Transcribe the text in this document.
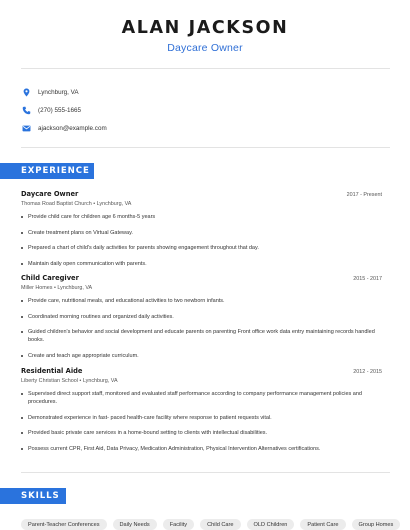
ALAN JACKSON
Daycare Owner
Lynchburg, VA
(270) 555-1665
ajackson@example.com
EXPERIENCE
Daycare Owner	2017 - Present
Thomas Road Baptist Church • Lynchburg, VA
Provide child care for children age 6 months-5 years
Create treatment plans on Virtual Gateway.
Prepared a chart of child's daily activities for parents showing engagement throughout that day.
Maintain daily open communication with parents.
Child Caregiver	2015 - 2017
Miller Homes • Lynchburg, VA
Provide care, nutritional meals, and educational activities to two newborn infants.
Coordinated morning routines and organized daily activities.
Guided children's behavior and social development and educate parents on parenting Front office work data entry maintaining records handled books.
Create and teach age appropriate curriculum.
Residential Aide	2012 - 2015
Liberty Christian School • Lynchburg, VA
Supervised direct support staff, monitored and evaluated staff performance according to company performance management policies and procedures.
Demonstrated experience in fast- paced health-care facility where response to patient requests vital.
Provided basic private care services in a home-bound setting to clients with intellectual disabilities.
Possess current CPR, First Aid, Data Privacy, Medication Administration, Physical Intervention Alternatives certifications.
SKILLS
Parent-Teacher Conferences	Daily Needs	Facility	Child Care	OLD Children	Patient Care	Group Homes
